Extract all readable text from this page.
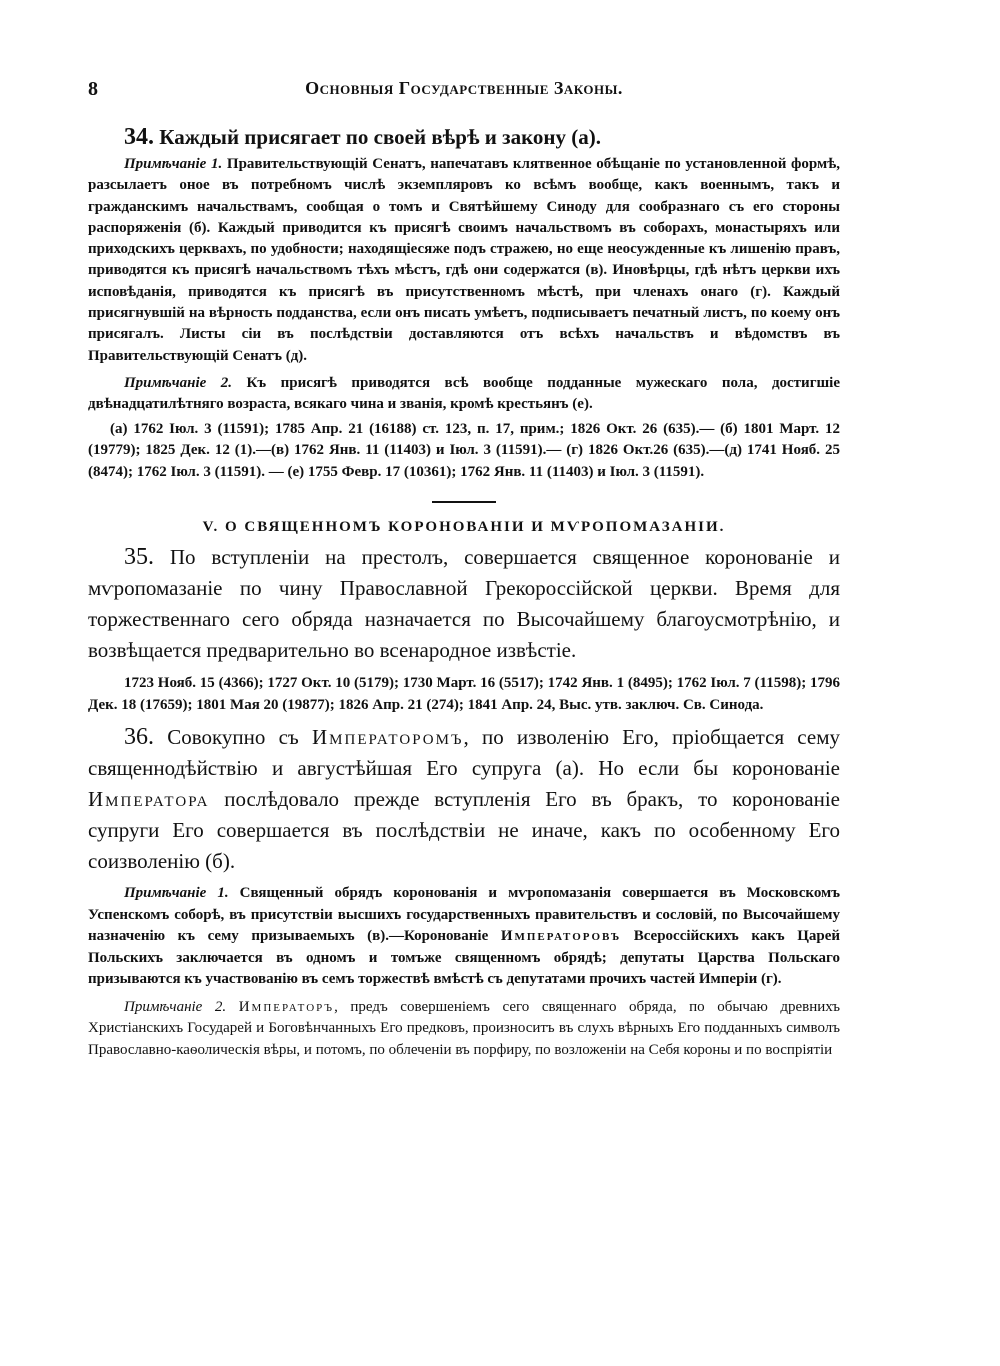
8	Основныя Государственные Законы.

34. Каждый присягает по своей вѣрѣ и закону (а).

Примѣчаніе 1. Правительствующій Сенатъ, напечатавъ клятвенное обѣщаніе по установленной формѣ, разсылаетъ оное въ потребномъ числѣ экземпляровъ ко всѣмъ вообще, какъ военнымъ, такъ и гражданскимъ начальствамъ, сообщая о томъ и Святѣйшему Синоду для сообразнаго съ его стороны распоряженія (б). Каждый приводится къ присягѣ своимъ начальствомъ въ соборахъ, монастыряхъ или приходскихъ церквахъ, по удобности; находящіесяже подъ стражею, но еще неосужденные къ лишенію правъ, приводятся къ присягѣ начальствомъ тѣхъ мѣстъ, гдѣ они содержатся (в). Иновѣрцы, гдѣ нѣтъ церкви ихъ исповѣданія, приводятся къ присягѣ въ присутственномъ мѣстѣ, при членахъ онаго (г). Каждый присягнувшій на вѣрность подданства, если онъ писать умѣетъ, подписываетъ печатный листъ, по коему онъ присягалъ. Листы сіи въ послѣдствіи доставляются отъ всѣхъ начальствъ и вѣдомствъ въ Правительствующій Сенатъ (д).

Примѣчаніе 2. Къ присягѣ приводятся всѣ вообще подданные мужескаго пола, достигшіе двѣнадцатилѣтняго возраста, всякаго чина и званія, кромѣ крестьянъ (е).

(а) 1762 Іюл. 3 (11591); 1785 Апр. 21 (16188) ст. 123, п. 17, прим.; 1826 Окт. 26 (635).— (б) 1801 Март. 12 (19779); 1825 Дек. 12 (1).—(в) 1762 Янв. 11 (11403) и Іюл. 3 (11591).— (г) 1826 Окт.26 (635).—(д) 1741 Нояб. 25 (8474); 1762 Іюл. 3 (11591). — (е) 1755 Февр. 17 (10361); 1762 Янв. 11 (11403) и Іюл. 3 (11591).

V. О СВЯЩЕННОМЪ КОРОНОВАНІИ И МѴРОПОМАЗАНІИ.

35. По вступленіи на престолъ, совершается священное коронованіе и мѵропомазаніе по чину Православной Грекороссійской церкви. Время для торжественнаго сего обряда назначается по Высочайшему благоусмотрѣнію, и возвѣщается предварительно во всенародное извѣстіе.

1723 Нояб. 15 (4366); 1727 Окт. 10 (5179); 1730 Март. 16 (5517); 1742 Янв. 1 (8495); 1762 Іюл. 7 (11598); 1796 Дек. 18 (17659); 1801 Мая 20 (19877); 1826 Апр. 21 (274); 1841 Апр. 24, Выс. утв. заключ. Св. Синода.

36. Совокупно съ Императоромъ, по изволенію Его, пріобщается сему священнодѣйствію и августѣйшая Его супруга (а). Но если бы коронованіе Императора послѣдовало прежде вступленія Его въ бракъ, то коронованіе супруги Его совершается въ послѣдствіи не иначе, какъ по особенному Его соизволенію (б).

Примѣчаніе 1. Священный обрядъ коронованія и мѵропомазанія совершается въ Московскомъ Успенскомъ соборѣ, въ присутствіи высшихъ государственныхъ правительствъ и сословій, по Высочайшему назначенію къ сему призываемыхъ (в).—Коронованіе Императоровъ Всероссійскихъ какъ Царей Польскихъ заключается въ одномъ и томъже священномъ обрядѣ; депутаты Царства Польскаго призываются къ участвованію въ семъ торжествѣ вмѣстѣ съ депутатами прочихъ частей Имперіи (г).

Примѣчаніе 2. Императоръ, предъ совершеніемъ сего священнаго обряда, по обычаю древнихъ Христіанскихъ Государей и Боговѣнчанныхъ Его предковъ, произноситъ въ слухъ вѣрныхъ Его подданныхъ символъ Православно-каѳолическія вѣры, и потомъ, по облеченіи въ порфиру, по возложеніи на Себя короны и по воспріятіи
